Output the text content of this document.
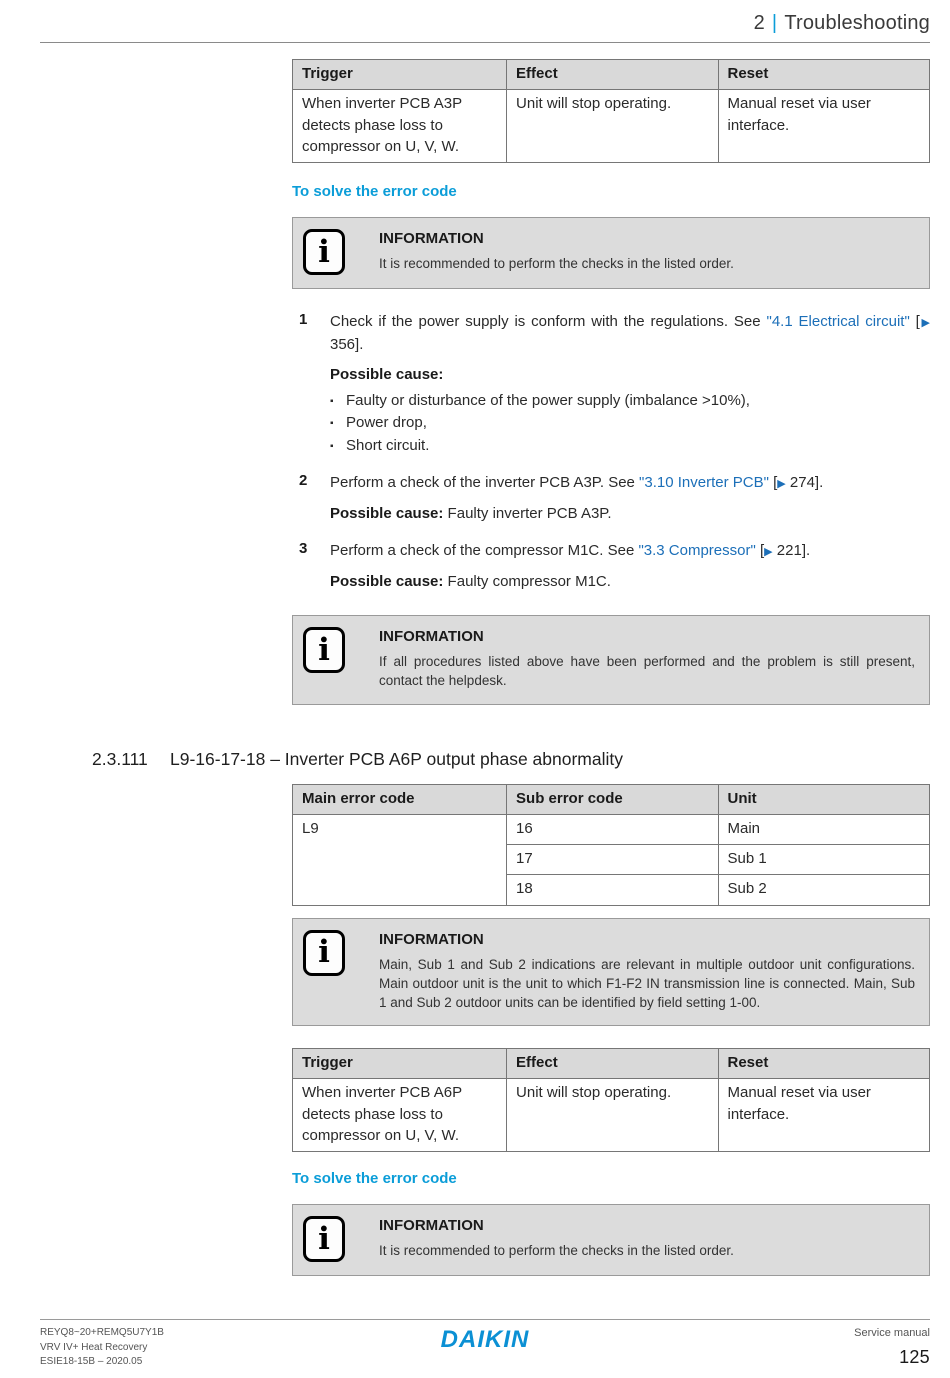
2 | Troubleshooting
Trigger	Effect	Reset
When inverter PCB A3P detects phase loss to compressor on U, V, W.	Unit will stop operating.	Manual reset via user interface.
To solve the error code
i	INFORMATION
It is recommended to perform the checks in the listed order.
1	Check if the power supply is conform with the regulations. See "4.1 Electrical circuit" [▶ 356].

Possible cause:

▪ Faulty or disturbance of the power supply (imbalance >10%),
▪ Power drop,
▪ Short circuit.
2	Perform a check of the inverter PCB A3P. See "3.10 Inverter PCB" [▶ 274].

Possible cause: Faulty inverter PCB A3P.

3	Perform a check of the compressor M1C. See "3.3 Compressor" [▶ 221].

Possible cause: Faulty compressor M1C.

i	INFORMATION
If all procedures listed above have been performed and the problem is still present, contact the helpdesk.
2.3.111 L9-16-17-18 – Inverter PCB A6P output phase abnormality
Main error code	Sub error code	Unit
L9	16	Main
	17	Sub 1
	18	Sub 2
i	INFORMATION
Main, Sub 1 and Sub 2 indications are relevant in multiple outdoor unit configurations. Main outdoor unit is the unit to which F1-F2 IN transmission line is connected. Main, Sub 1 and Sub 2 outdoor units can be identified by field setting 1-00.
Trigger	Effect	Reset
When inverter PCB A6P detects phase loss to compressor on U, V, W.	Unit will stop operating.	Manual reset via user interface.
To solve the error code
i	INFORMATION
It is recommended to perform the checks in the listed order.
REYQ8~20+REMQ5U7Y1B
VRV IV+ Heat Recovery
ESIE18-15B – 2020.05
DAIKIN	Service manual
125
